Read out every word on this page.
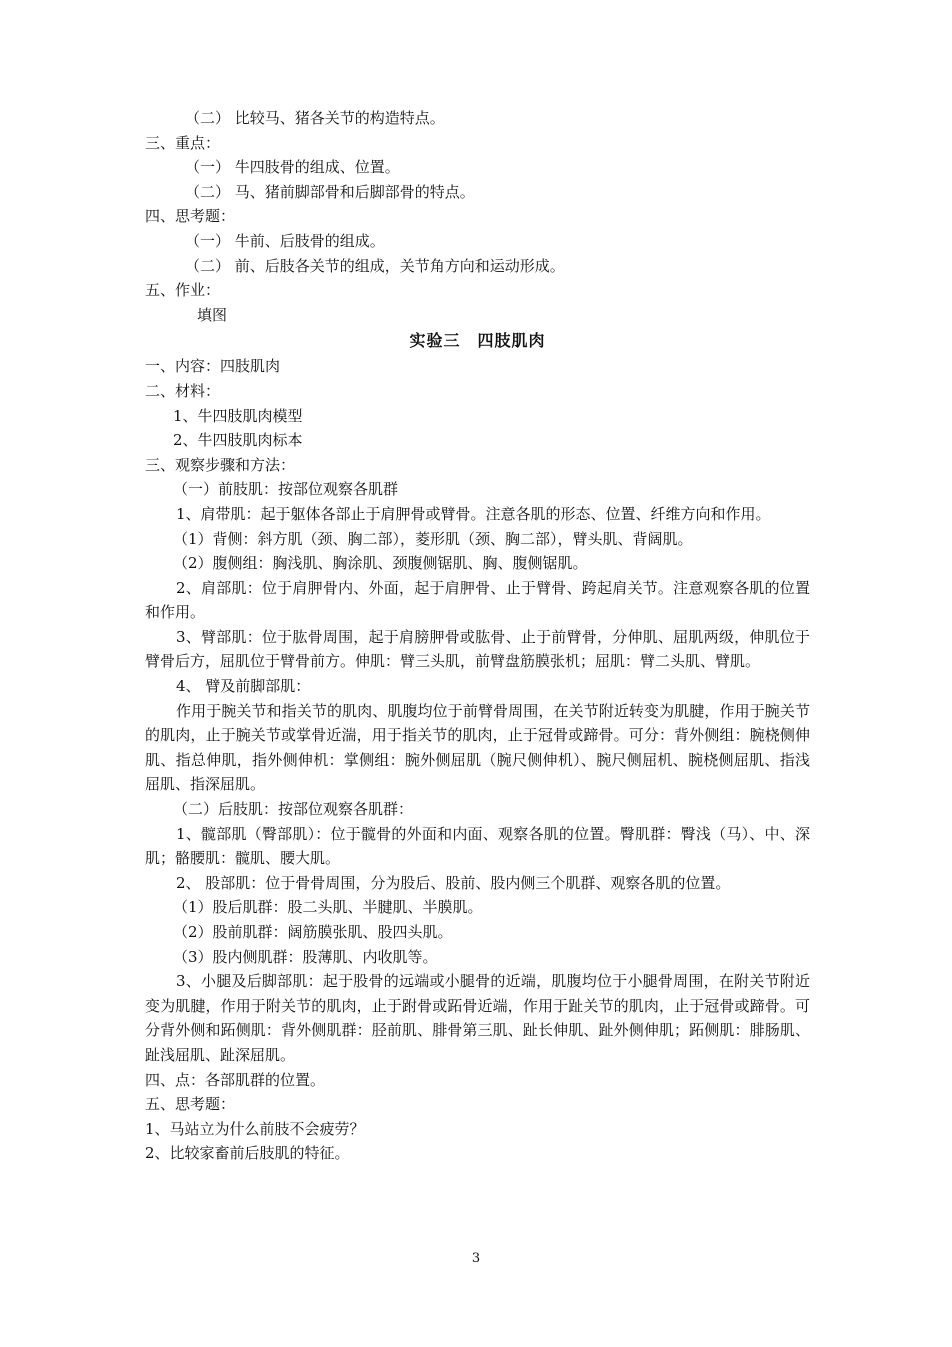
（二） 比较马、猪各关节的构造特点。

三、重点：

（一） 牛四肢骨的组成、位置。

（二） 马、猪前脚部骨和后脚部骨的特点。

四、思考题：

（一） 牛前、后肢骨的组成。

（二） 前、后肢各关节的组成，关节角方向和运动形成。

五、作业：

填图

实验三　四肢肌肉

一、内容：四肢肌肉

二、材料：

1、牛四肢肌肉模型

2、牛四肢肌肉标本

三、观察步骤和方法：

（一）前肢肌：按部位观察各肌群

1、肩带肌：起于躯体各部止于肩胛骨或臂骨。注意各肌的形态、位置、纤维方向和作用。

（1）背侧：斜方肌（颈、胸二部），菱形肌（颈、胸二部），臂头肌、背阔肌。

（2）腹侧组：胸浅肌、胸涂肌、颈腹侧锯肌、胸、腹侧锯肌。

2、肩部肌：位于肩胛骨内、外面，起于肩胛骨、止于臂骨、跨起肩关节。注意观察各肌的位置和作用。

3、臂部肌：位于肱骨周围，起于肩膀胛骨或肱骨、止于前臂骨，分伸肌、屈肌两级，伸肌位于臂骨后方，屈肌位于臂骨前方。伸肌：臂三头肌，前臂盘筋膜张机；屈肌：臂二头肌、臂肌。

4、 臂及前脚部肌：

作用于腕关节和指关节的肌肉、肌腹均位于前臂骨周围，在关节附近转变为肌腱，作用于腕关节的肌肉，止于腕关节或掌骨近湍，用于指关节的肌肉，止于冠骨或蹄骨。可分：背外侧组：腕桡侧伸肌、指总伸肌，指外侧伸机：掌侧组：腕外侧屈肌（腕尺侧伸机）、腕尺侧屈机、腕桡侧屈肌、指浅屈肌、指深屈肌。

（二）后肢肌：按部位观察各肌群：

1、髋部肌（臀部肌）：位于髋骨的外面和内面、观察各肌的位置。臀肌群：臀浅（马）、中、深肌；骼腰肌：髋肌、腰大肌。

2、 股部肌：位于骨骨周围，分为股后、股前、股内侧三个肌群、观察各肌的位置。

（1）股后肌群：股二头肌、半腱肌、半膜肌。

（2）股前肌群：阔筋膜张肌、股四头肌。

（3）股内侧肌群：股薄肌、内收肌等。

3、小腿及后脚部肌：起于股骨的远端或小腿骨的近端，肌腹均位于小腿骨周围，在附关节附近变为肌腱，作用于附关节的肌肉，止于跗骨或跖骨近端，作用于趾关节的肌肉，止于冠骨或蹄骨。可分背外侧和跖侧肌：背外侧肌群：胫前肌、腓骨第三肌、趾长伸肌、趾外侧伸肌；跖侧肌：腓肠肌、趾浅屈肌、趾深屈肌。

四、点：各部肌群的位置。

五、思考题：

1、马站立为什么前肢不会疲劳？

2、比较家畜前后肢肌的特征。

3
